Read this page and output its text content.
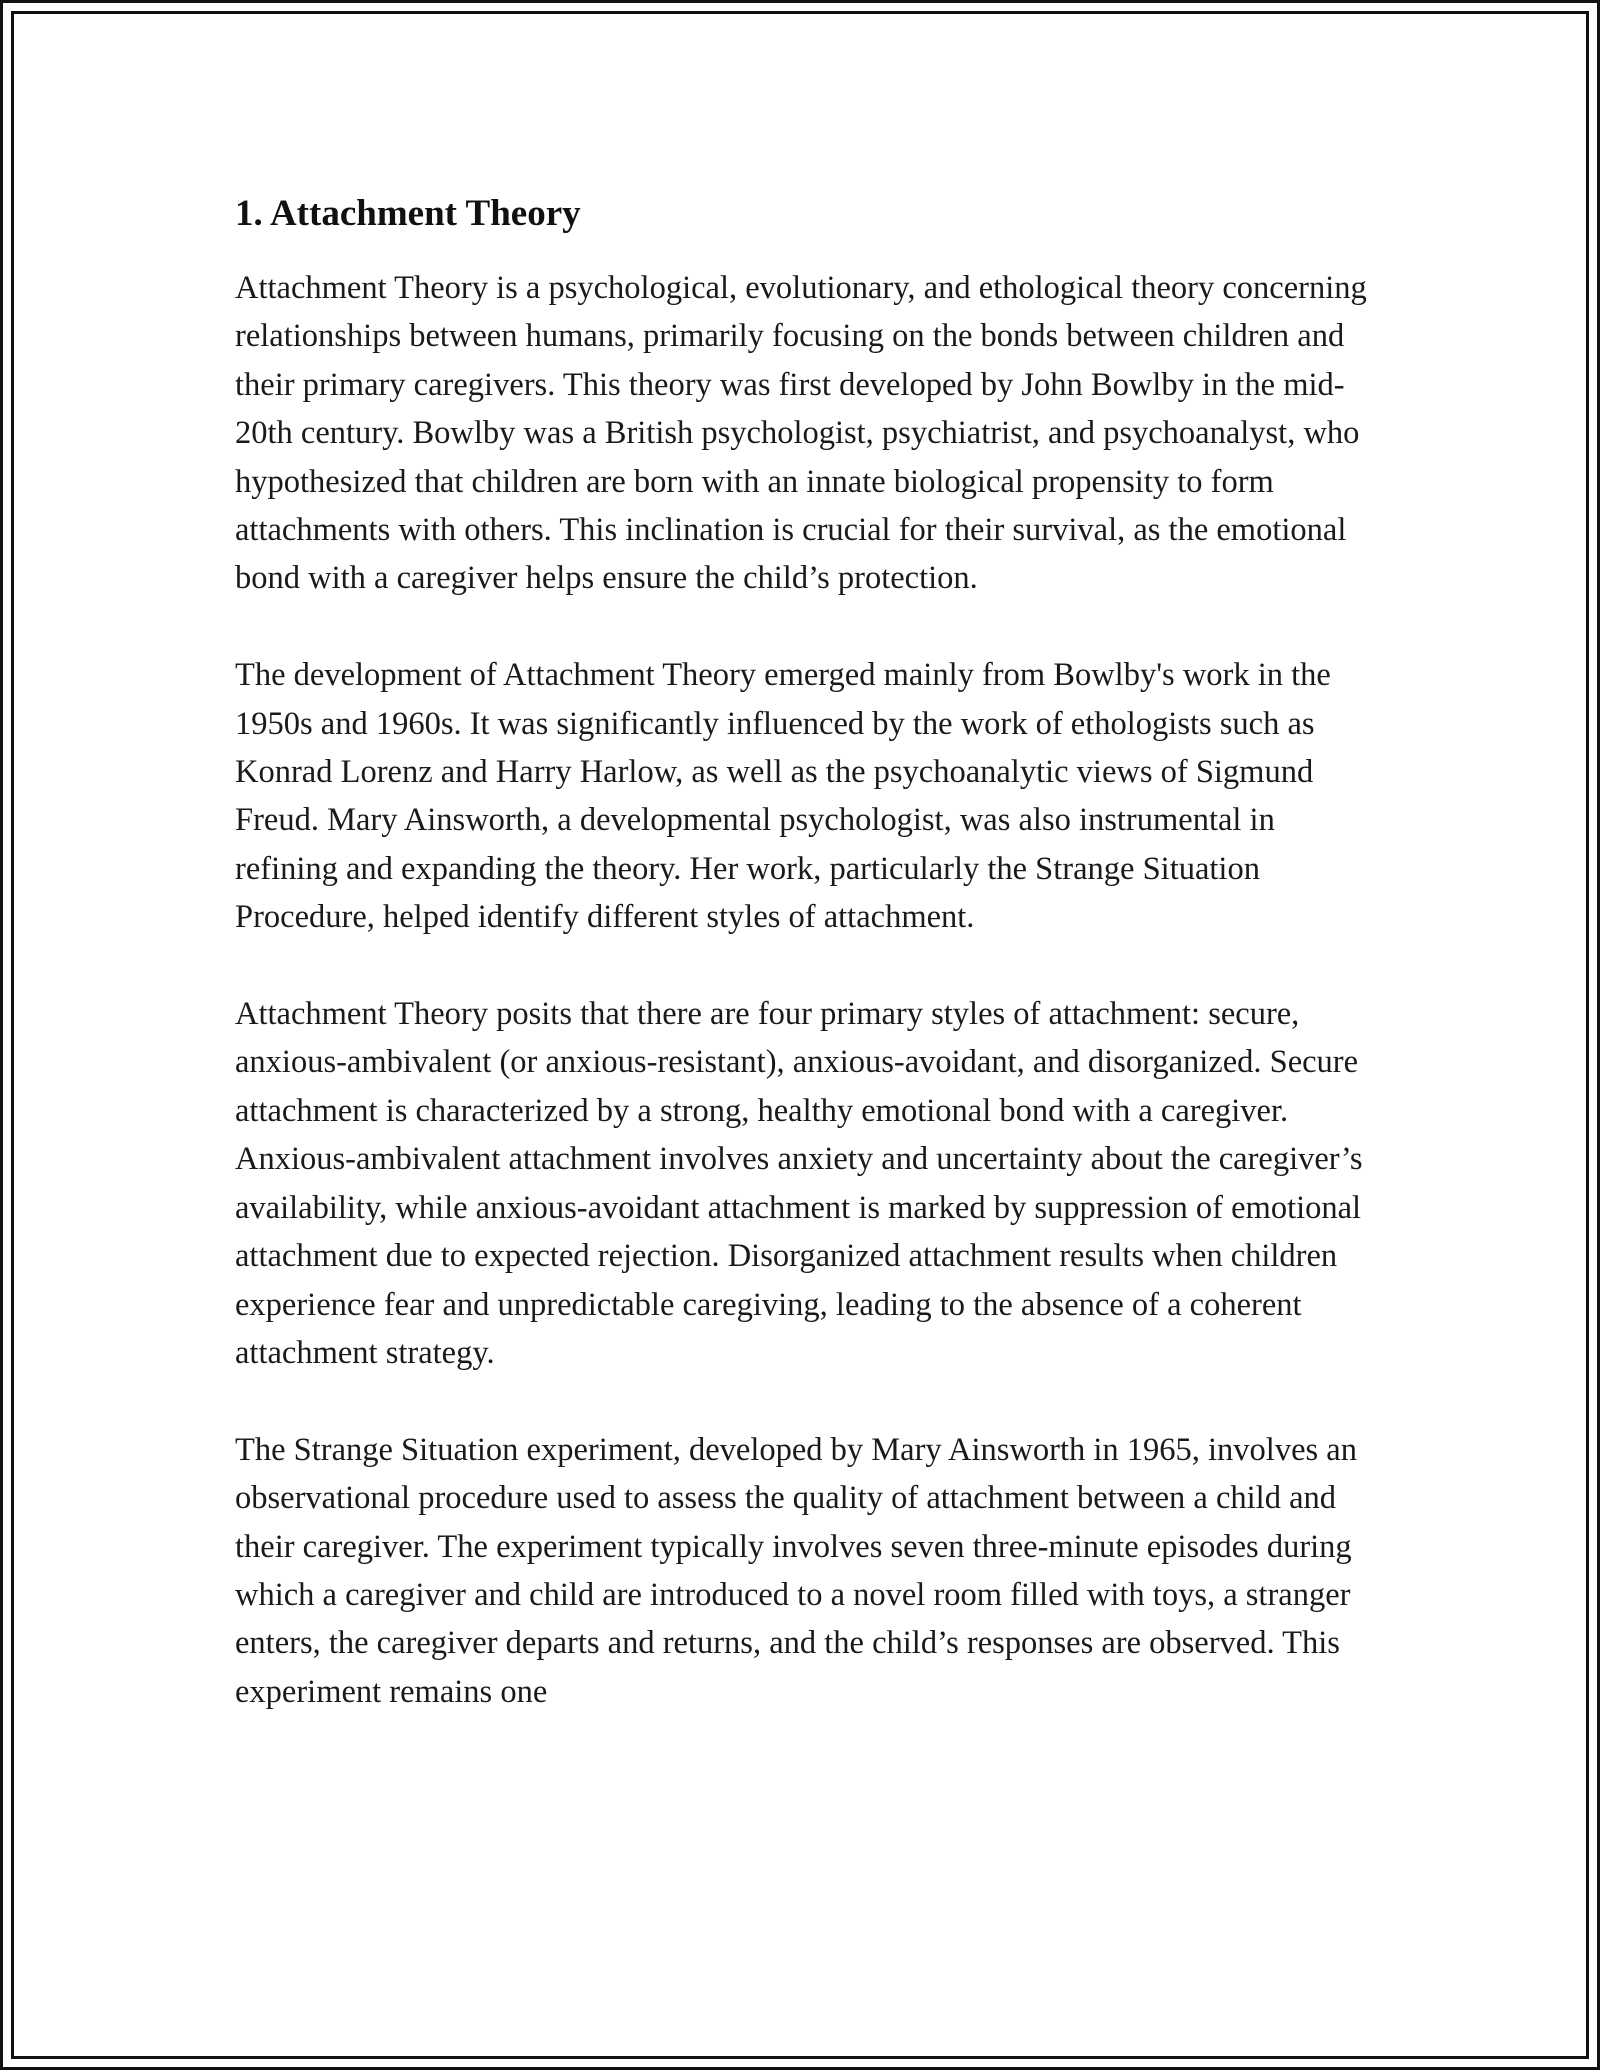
1. Attachment Theory

Attachment Theory is a psychological, evolutionary, and ethological theory concerning relationships between humans, primarily focusing on the bonds between children and their primary caregivers. This theory was first developed by John Bowlby in the mid-20th century. Bowlby was a British psychologist, psychiatrist, and psychoanalyst, who hypothesized that children are born with an innate biological propensity to form attachments with others. This inclination is crucial for their survival, as the emotional bond with a caregiver helps ensure the child’s protection.

The development of Attachment Theory emerged mainly from Bowlby's work in the 1950s and 1960s. It was significantly influenced by the work of ethologists such as Konrad Lorenz and Harry Harlow, as well as the psychoanalytic views of Sigmund Freud. Mary Ainsworth, a developmental psychologist, was also instrumental in refining and expanding the theory. Her work, particularly the Strange Situation Procedure, helped identify different styles of attachment.

Attachment Theory posits that there are four primary styles of attachment: secure, anxious-ambivalent (or anxious-resistant), anxious-avoidant, and disorganized. Secure attachment is characterized by a strong, healthy emotional bond with a caregiver. Anxious-ambivalent attachment involves anxiety and uncertainty about the caregiver’s availability, while anxious-avoidant attachment is marked by suppression of emotional attachment due to expected rejection. Disorganized attachment results when children experience fear and unpredictable caregiving, leading to the absence of a coherent attachment strategy.

The Strange Situation experiment, developed by Mary Ainsworth in 1965, involves an observational procedure used to assess the quality of attachment between a child and their caregiver. The experiment typically involves seven three-minute episodes during which a caregiver and child are introduced to a novel room filled with toys, a stranger enters, the caregiver departs and returns, and the child’s responses are observed. This experiment remains one
